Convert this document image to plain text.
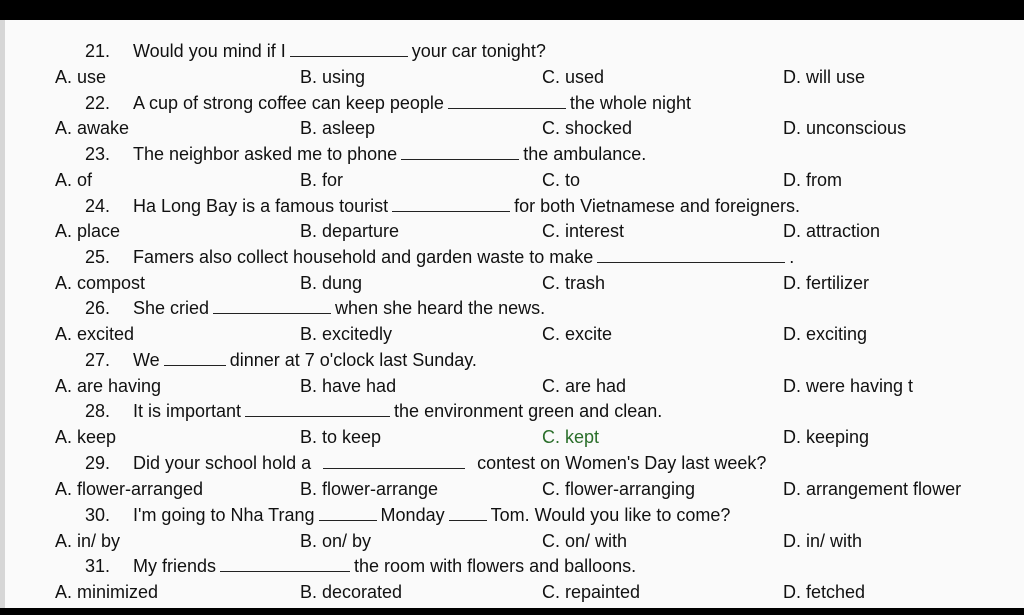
21. Would you mind if I	your car tonight?
A. use	B. using	C. used	D. will use
22. A cup of strong coffee can keep people	the whole night
A. awake	B. asleep	C. shocked	D. unconscious
23. The neighbor asked me to phone	the ambulance.
A. of	B. for	C. to	D. from
24. Ha Long Bay is a famous tourist	for both Vietnamese and foreigners.
A. place	B. departure	C. interest	D. attraction
25. Famers also collect household and garden waste to make	.
A. compost	B. dung	C. trash	D. fertilizer
26. She cried	when she heard the news.
A. excited	B. excitedly	C. excite	D. exciting
27. We	dinner at 7 o'clock last Sunday.
A. are having	B. have had	C. are had	D. were having t
28. It is important	the environment green and clean.
A. keep	B. to keep	C. kept	D. keeping
29. Did your school hold a	contest on Women's Day last week?
A. flower-arranged	B. flower-arrange	C. flower-arranging	D. arrangement flower
30. I'm going to Nha Trang	Monday	Tom. Would you like to come?
A. in/ by	B. on/ by	C. on/ with	D. in/ with
31. My friends	the room with flowers and balloons.
A. minimized	B. decorated	C. repainted	D. fetched
